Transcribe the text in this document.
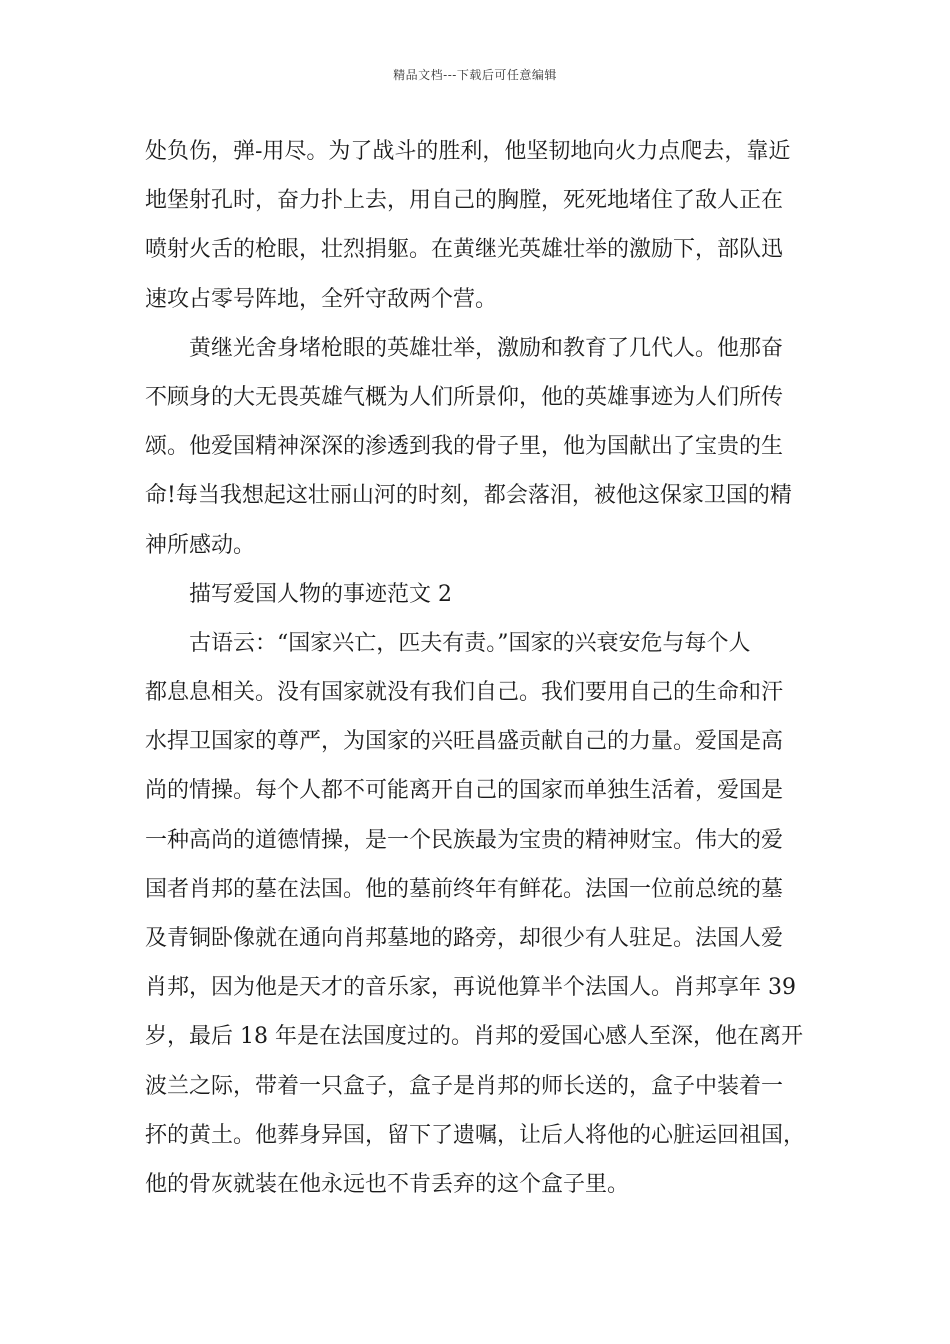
精品文档---下载后可任意编辑
处负伤，弹-用尽。为了战斗的胜利，他坚韧地向火力点爬去，靠近
地堡射孔时，奋力扑上去，用自己的胸膛，死死地堵住了敌人正在
喷射火舌的枪眼，壮烈捐躯。在黄继光英雄壮举的激励下，部队迅
速攻占零号阵地，全歼守敌两个营。
黄继光舍身堵枪眼的英雄壮举，激励和教育了几代人。他那奋
不顾身的大无畏英雄气概为人们所景仰，他的英雄事迹为人们所传
颂。他爱国精神深深的渗透到我的骨子里，他为国献出了宝贵的生
命!每当我想起这壮丽山河的时刻，都会落泪，被他这保家卫国的精
神所感动。
描写爱国人物的事迹范文 2
古语云：“国家兴亡，匹夫有责。”国家的兴衰安危与每个人
都息息相关。没有国家就没有我们自己。我们要用自己的生命和汗
水捍卫国家的尊严，为国家的兴旺昌盛贡献自己的力量。爱国是高
尚的情操。每个人都不可能离开自己的国家而单独生活着，爱国是
一种高尚的道德情操，是一个民族最为宝贵的精神财宝。伟大的爱
国者肖邦的墓在法国。他的墓前终年有鲜花。法国一位前总统的墓
及青铜卧像就在通向肖邦墓地的路旁，却很少有人驻足。法国人爱
肖邦，因为他是天才的音乐家，再说他算半个法国人。肖邦享年 39
岁，最后 18 年是在法国度过的。肖邦的爱国心感人至深，他在离开
波兰之际，带着一只盒子，盒子是肖邦的师长送的，盒子中装着一
抔的黄土。他葬身异国，留下了遗嘱，让后人将他的心脏运回祖国，
他的骨灰就装在他永远也不肯丢弃的这个盒子里。
